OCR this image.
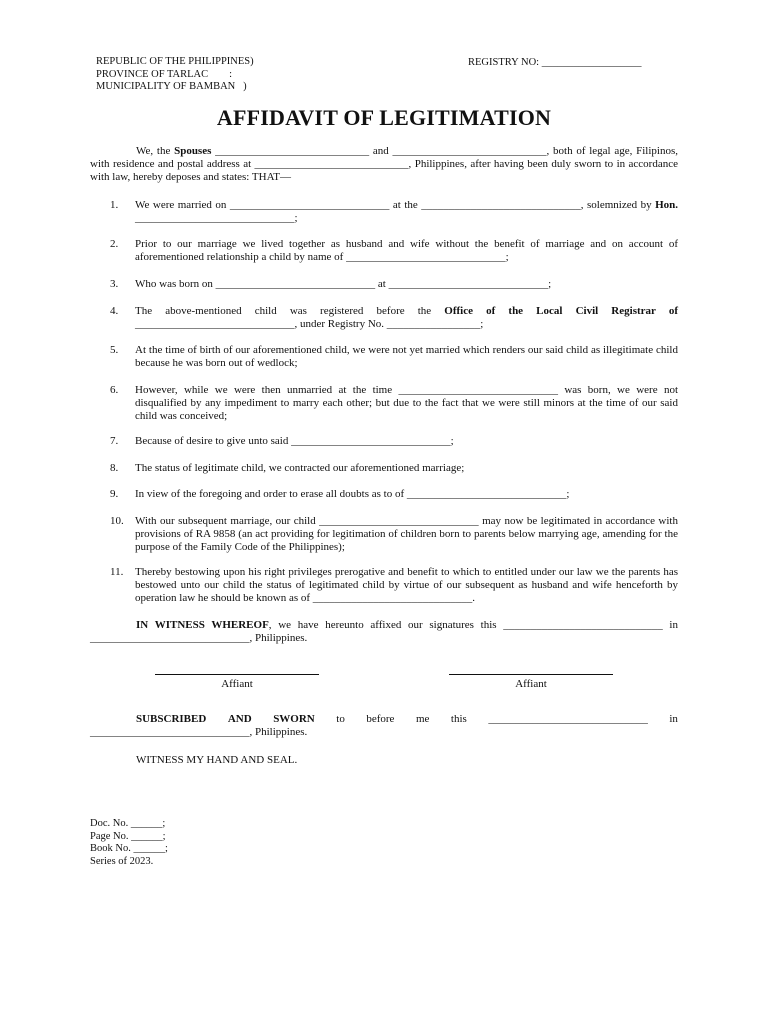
REPUBLIC OF THE PHILIPPINES)
PROVINCE OF TARLAC        :
MUNICIPALITY OF BAMBAN   )
REGISTRY NO: ___________________
AFFIDAVIT OF LEGITIMATION
We, the Spouses ____________________________ and ____________________________, both of legal age, Filipinos, with residence and postal address at ____________________________, Philippines, after having been duly sworn to in accordance with law, hereby deposes and states: THAT—
1.	We were married on _____________________________ at the _____________________________, solemnized by Hon. _____________________________;
2.	Prior to our marriage we lived together as husband and wife without the benefit of marriage and on account of aforementioned relationship a child by name of _____________________________;
3.	Who was born on _____________________________ at _____________________________;
4.	The above-mentioned child was registered before the Office of the Local Civil Registrar of _____________________________, under Registry No. _________________;
5.	At the time of birth of our aforementioned child, we were not yet married which renders our said child as illegitimate child because he was born out of wedlock;
6.	However, while we were then unmarried at the time _____________________________ was born, we were not disqualified by any impediment to marry each other; but due to the fact that we were still minors at the time of our said child was conceived;
7.	Because of desire to give unto said _____________________________;
8.	The status of legitimate child, we contracted our aforementioned marriage;
9.	In view of the foregoing and order to erase all doubts as to of _____________________________;
10.	With our subsequent marriage, our child _____________________________ may now be legitimated in accordance with provisions of RA 9858 (an act providing for legitimation of children born to parents below marrying age, amending for the purpose of the Family Code of the Philippines);
11.	Thereby bestowing upon his right privileges prerogative and benefit to which to entitled under our law we the parents has bestowed unto our child the status of legitimated child by virtue of our subsequent as husband and wife henceforth by operation law he should be known as of _____________________________.
IN WITNESS WHEREOF, we have hereunto affixed our signatures this _____________________________ in _____________________________, Philippines.
Affiant	Affiant
SUBSCRIBED AND SWORN to before me this _____________________________ in
_____________________________, Philippines.
WITNESS MY HAND AND SEAL.
Doc. No. ______;
Page No. ______;
Book No. ______;
Series of 2023.
